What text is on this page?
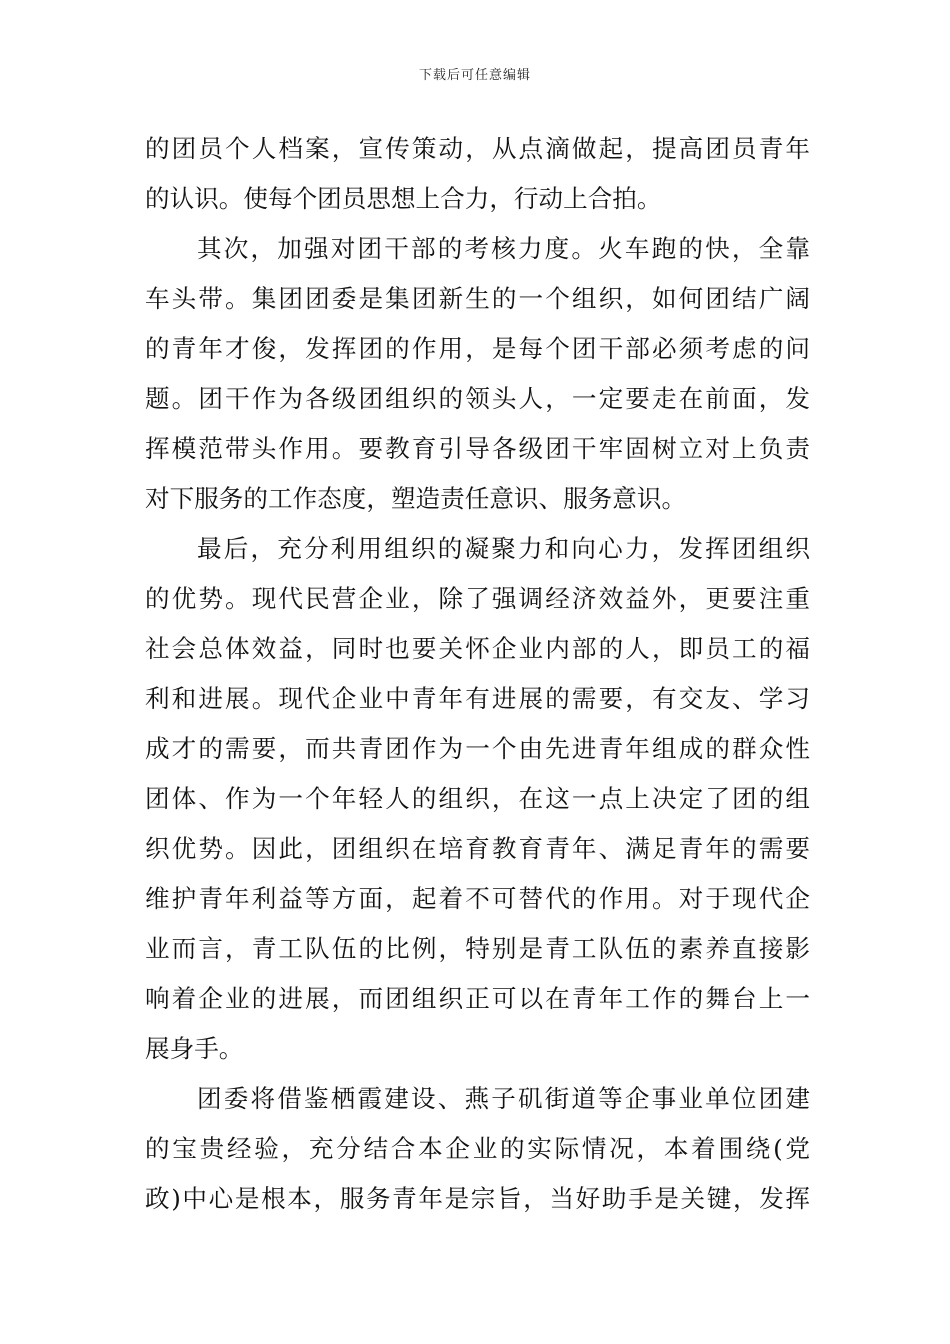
下载后可任意编辑
的团员个人档案，宣传策动，从点滴做起，提高团员青年
的认识。使每个团员思想上合力，行动上合拍。
其次，加强对团干部的考核力度。火车跑的快，全靠
车头带。集团团委是集团新生的一个组织，如何团结广阔
的青年才俊，发挥团的作用，是每个团干部必须考虑的问
题。团干作为各级团组织的领头人，一定要走在前面，发
挥模范带头作用。要教育引导各级团干牢固树立对上负责
对下服务的工作态度，塑造责任意识、服务意识。
最后，充分利用组织的凝聚力和向心力，发挥团组织
的优势。现代民营企业，除了强调经济效益外，更要注重
社会总体效益，同时也要关怀企业内部的人，即员工的福
利和进展。现代企业中青年有进展的需要，有交友、学习
成才的需要，而共青团作为一个由先进青年组成的群众性
团体、作为一个年轻人的组织，在这一点上决定了团的组
织优势。因此，团组织在培育教育青年、满足青年的需要
维护青年利益等方面，起着不可替代的作用。对于现代企
业而言，青工队伍的比例，特别是青工队伍的素养直接影
响着企业的进展，而团组织正可以在青年工作的舞台上一
展身手。
团委将借鉴栖霞建设、燕子矶街道等企事业单位团建
的宝贵经验，充分结合本企业的实际情况，本着围绕(党
政)中心是根本，服务青年是宗旨，当好助手是关键，发挥
